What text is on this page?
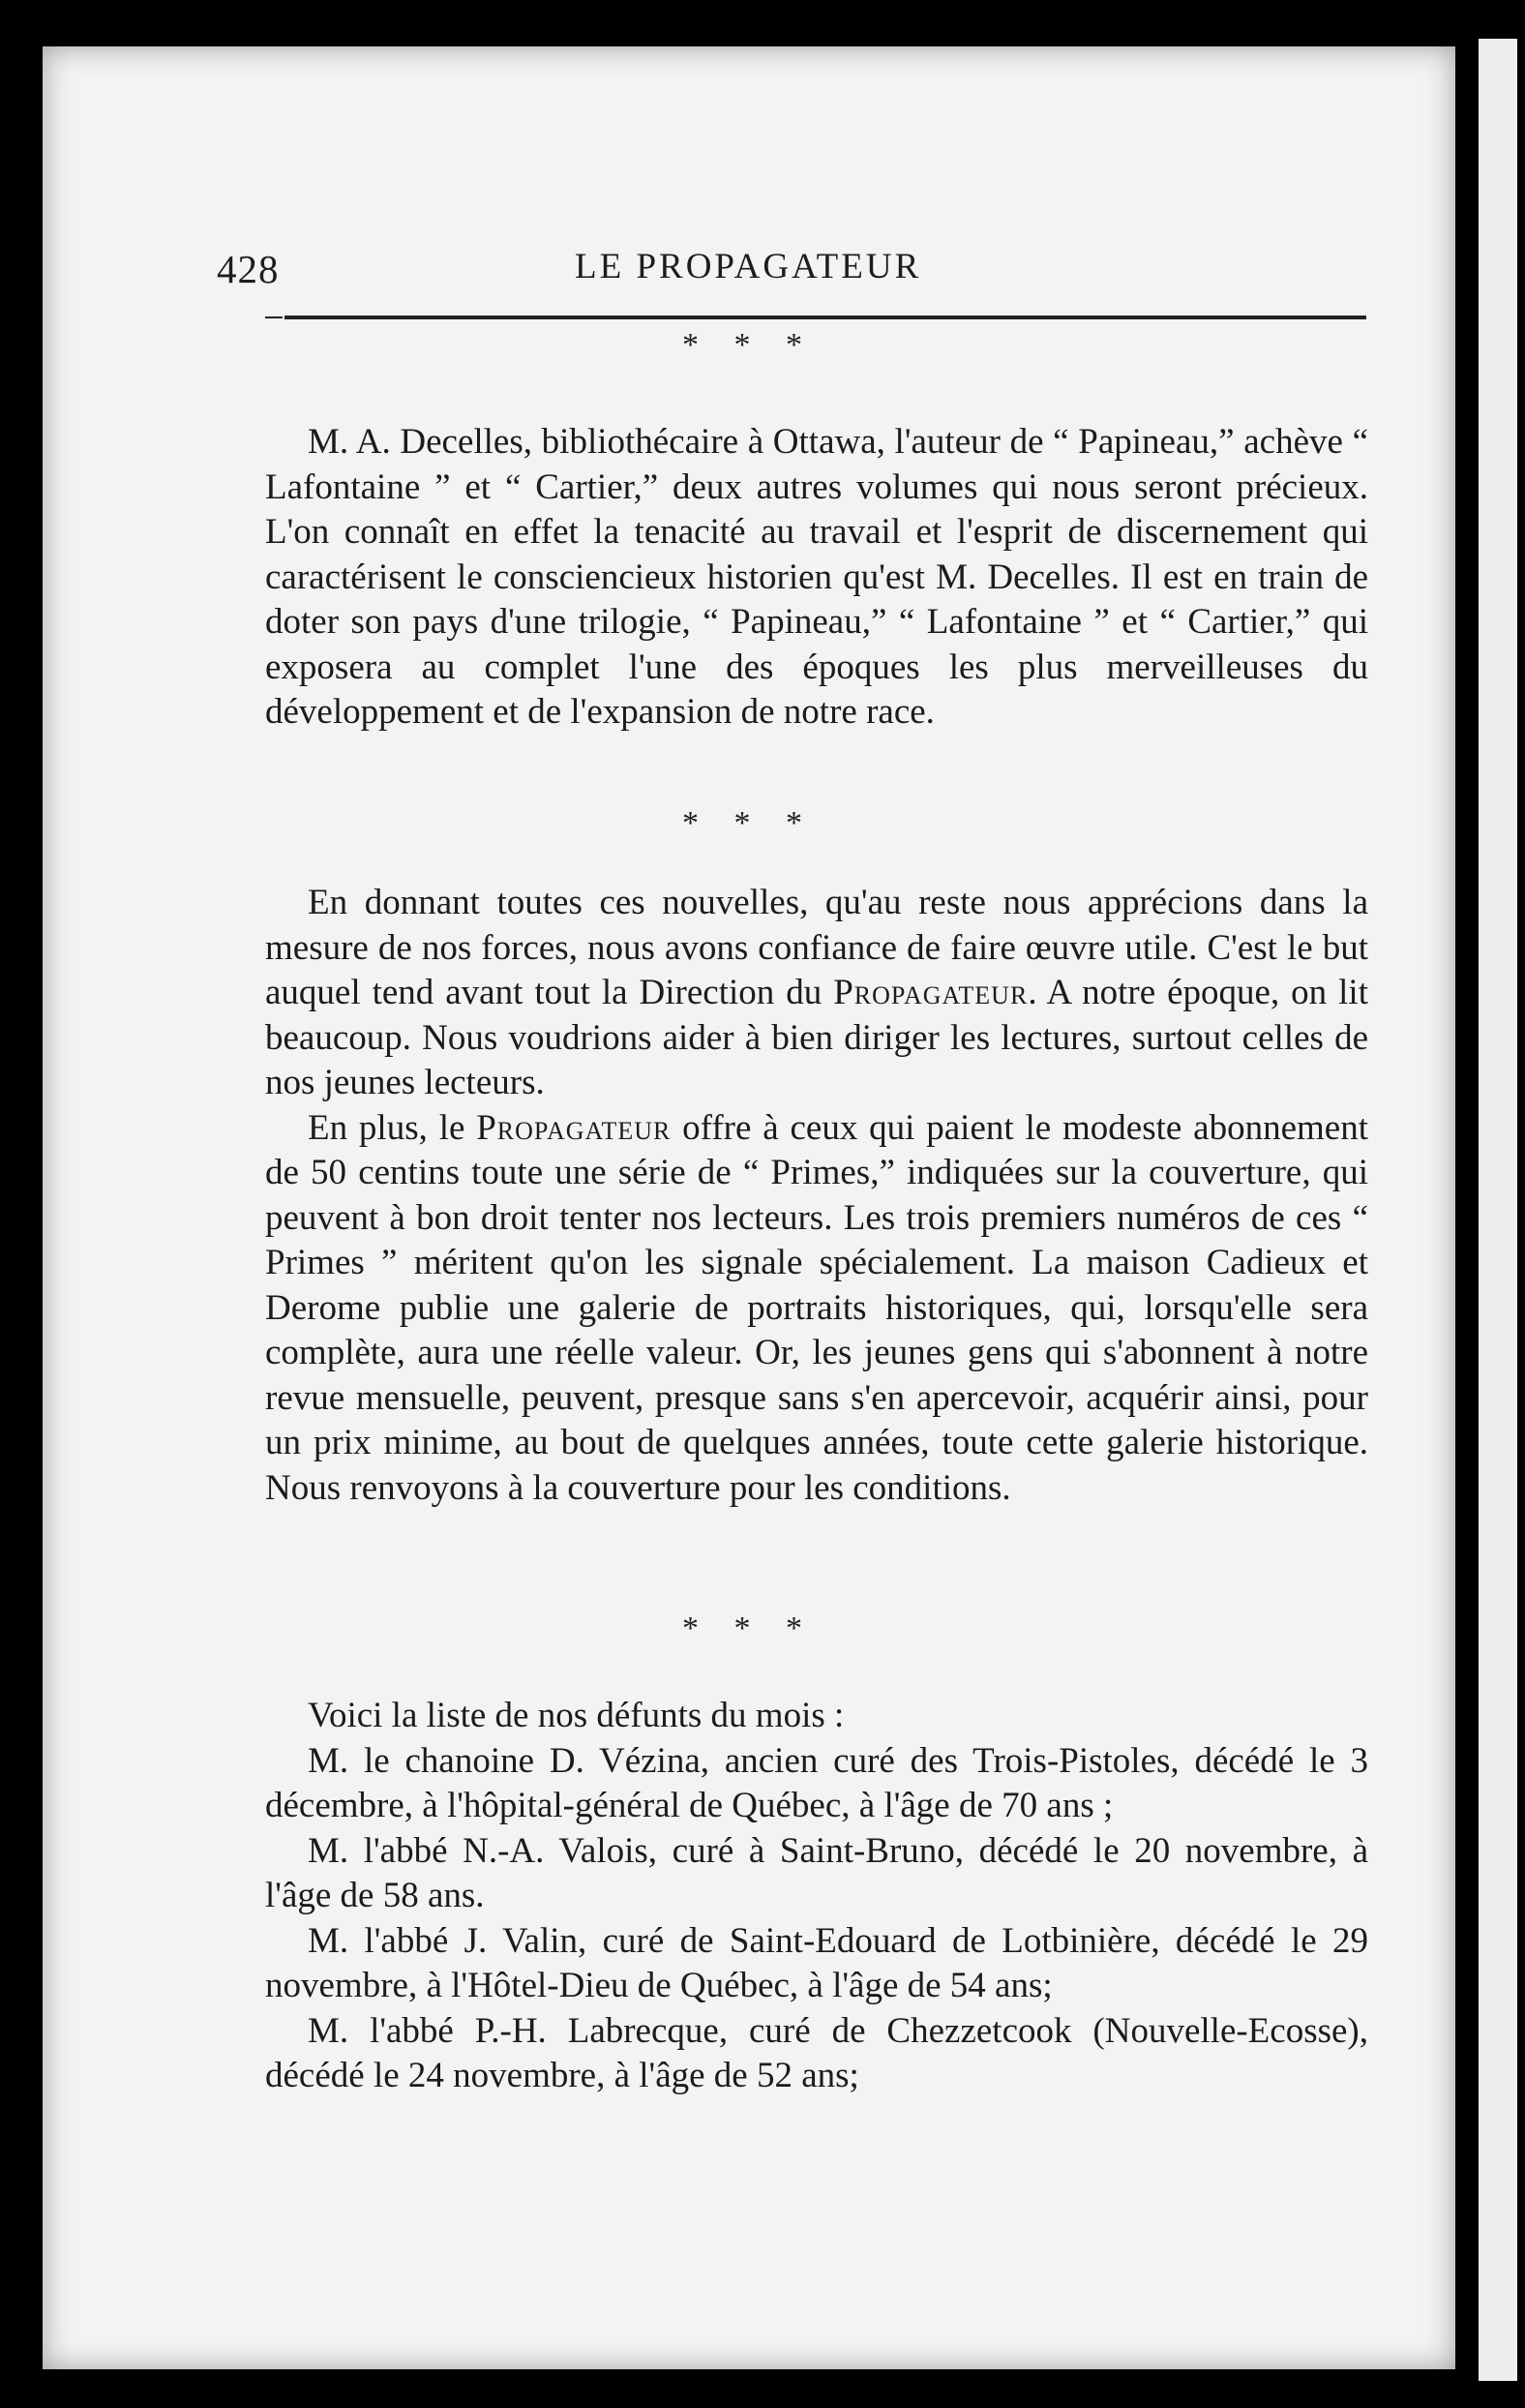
428	LE PROPAGATEUR
* * *

M. A. Decelles, bibliothécaire à Ottawa, l'auteur de “ Papineau,” achève “ Lafontaine ” et “ Cartier,” deux autres volumes qui nous seront précieux. L'on connaît en effet la tenacité au travail et l'esprit de discernement qui caractérisent le consciencieux historien qu'est M. Decelles. Il est en train de doter son pays d'une trilogie, “ Papineau,” “ Lafontaine ” et “ Cartier,” qui exposera au complet l'une des époques les plus merveilleuses du développement et de l'expansion de notre race.

* * *

En donnant toutes ces nouvelles, qu'au reste nous apprécions dans la mesure de nos forces, nous avons confiance de faire œuvre utile. C'est le but auquel tend avant tout la Direction du Propagateur. A notre époque, on lit beaucoup. Nous voudrions aider à bien diriger les lectures, surtout celles de nos jeunes lecteurs.

En plus, le Propagateur offre à ceux qui paient le modeste abonnement de 50 centins toute une série de “ Primes,” indiquées sur la couverture, qui peuvent à bon droit tenter nos lecteurs. Les trois premiers numéros de ces “ Primes ” méritent qu'on les signale spécialement. La maison Cadieux et Derome publie une galerie de portraits historiques, qui, lorsqu'elle sera complète, aura une réelle valeur. Or, les jeunes gens qui s'abonnent à notre revue mensuelle, peuvent, presque sans s'en apercevoir, acquérir ainsi, pour un prix minime, au bout de quelques années, toute cette galerie historique. Nous renvoyons à la couverture pour les conditions.

* * *

Voici la liste de nos défunts du mois :

M. le chanoine D. Vézina, ancien curé des Trois-Pistoles, décédé le 3 décembre, à l'hôpital-général de Québec, à l'âge de 70 ans ;

M. l'abbé N.-A. Valois, curé à Saint-Bruno, décédé le 20 novembre, à l'âge de 58 ans.

M. l'abbé J. Valin, curé de Saint-Edouard de Lotbinière, décédé le 29 novembre, à l'Hôtel-Dieu de Québec, à l'âge de 54 ans;

M. l'abbé P.-H. Labrecque, curé de Chezzetcook (Nouvelle-Ecosse), décédé le 24 novembre, à l'âge de 52 ans;
